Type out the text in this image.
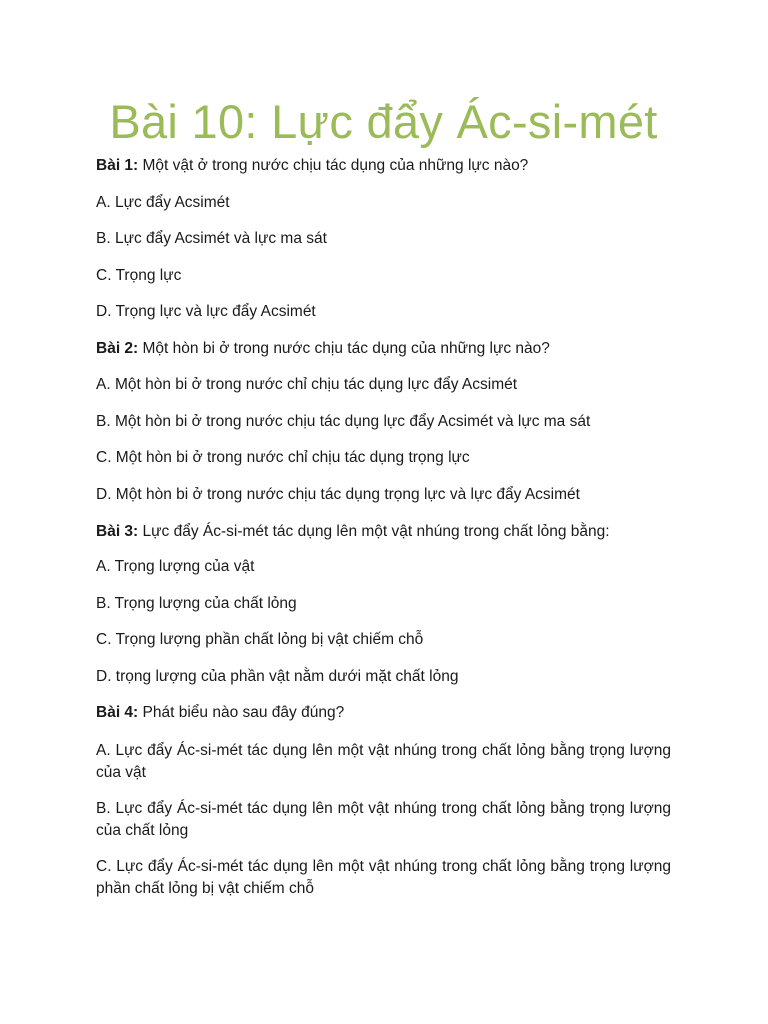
Bài 10: Lực đẩy Ác-si-mét

Bài 1: Một vật ở trong nước chịu tác dụng của những lực nào?

A. Lực đẩy Acsimét

B. Lực đẩy Acsimét và lực ma sát

C. Trọng lực

D. Trọng lực và lực đẩy Acsimét

Bài 2: Một hòn bi ở trong nước chịu tác dụng của những lực nào?

A. Một hòn bi ở trong nước chỉ chịu tác dụng lực đẩy Acsimét

B. Một hòn bi ở trong nước chịu tác dụng lực đẩy Acsimét và lực ma sát

C. Một hòn bi ở trong nước chỉ chịu tác dụng trọng lực

D. Một hòn bi ở trong nước chịu tác dụng trọng lực và lực đẩy Acsimét

Bài 3: Lực đẩy Ác-si-mét tác dụng lên một vật nhúng trong chất lỏng bằng:

A. Trọng lượng của vật

B. Trọng lượng của chất lỏng

C. Trọng lượng phần chất lỏng bị vật chiếm chỗ

D. trọng lượng của phần vật nằm dưới mặt chất lỏng

Bài 4: Phát biểu nào sau đây đúng?

A. Lực đẩy Ác-si-mét tác dụng lên một vật nhúng trong chất lỏng bằng trọng lượng của vật

B. Lực đẩy Ác-si-mét tác dụng lên một vật nhúng trong chất lỏng bằng trọng lượng của chất lỏng

C. Lực đẩy Ác-si-mét tác dụng lên một vật nhúng trong chất lỏng bằng trọng lượng phần chất lỏng bị vật chiếm chỗ
